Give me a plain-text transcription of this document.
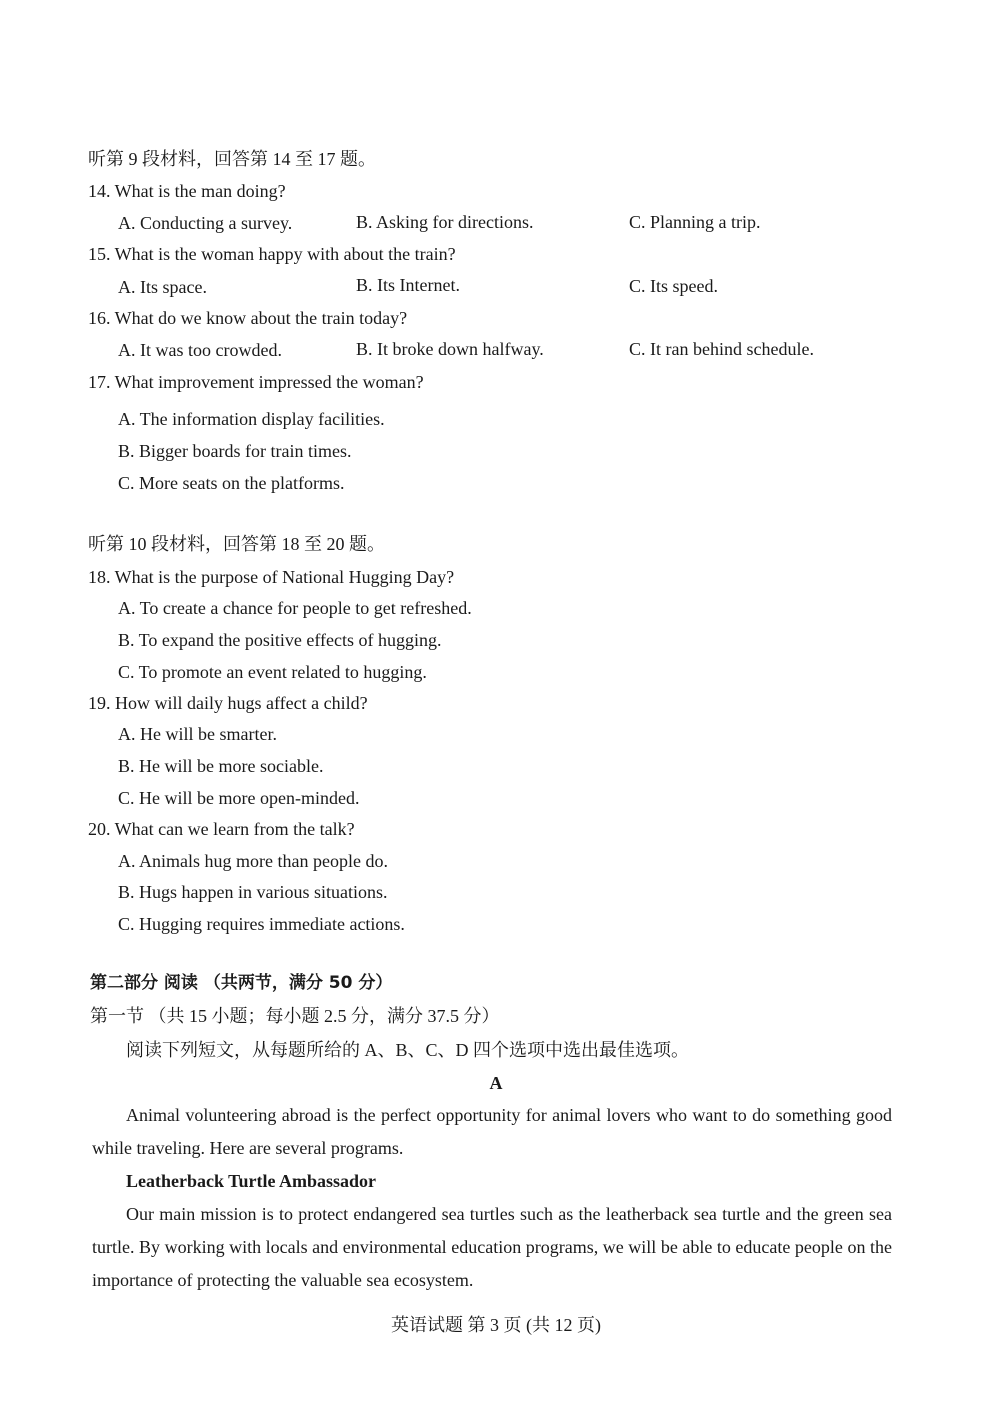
听第 9 段材料，回答第 14 至 17 题。
14. What is the man doing?
A. Conducting a survey.	B. Asking for directions.	C. Planning a trip.
15. What is the woman happy with about the train?
A. Its space.	B. Its Internet.	C. Its speed.
16. What do we know about the train today?
A. It was too crowded.	B. It broke down halfway.	C. It ran behind schedule.
17. What improvement impressed the woman?
A. The information display facilities.
B. Bigger boards for train times.
C. More seats on the platforms.
听第 10 段材料，回答第 18 至 20 题。
18. What is the purpose of National Hugging Day?
A. To create a chance for people to get refreshed.
B. To expand the positive effects of hugging.
C. To promote an event related to hugging.
19. How will daily hugs affect a child?
A. He will be smarter.
B. He will be more sociable.
C. He will be more open-minded.
20. What can we learn from the talk?
A. Animals hug more than people do.
B. Hugs happen in various situations.
C. Hugging requires immediate actions.
第二部分 阅读 （共两节，满分 50 分）
第一节 （共 15 小题；每小题 2.5 分，满分 37.5 分）
阅读下列短文，从每题所给的 A、B、C、D 四个选项中选出最佳选项。
A
Animal volunteering abroad is the perfect opportunity for animal lovers who want to do something good while traveling. Here are several programs.
Leatherback Turtle Ambassador
Our main mission is to protect endangered sea turtles such as the leatherback sea turtle and the green sea turtle. By working with locals and environmental education programs, we will be able to educate people on the importance of protecting the valuable sea ecosystem.
英语试题 第 3 页 (共 12 页)
